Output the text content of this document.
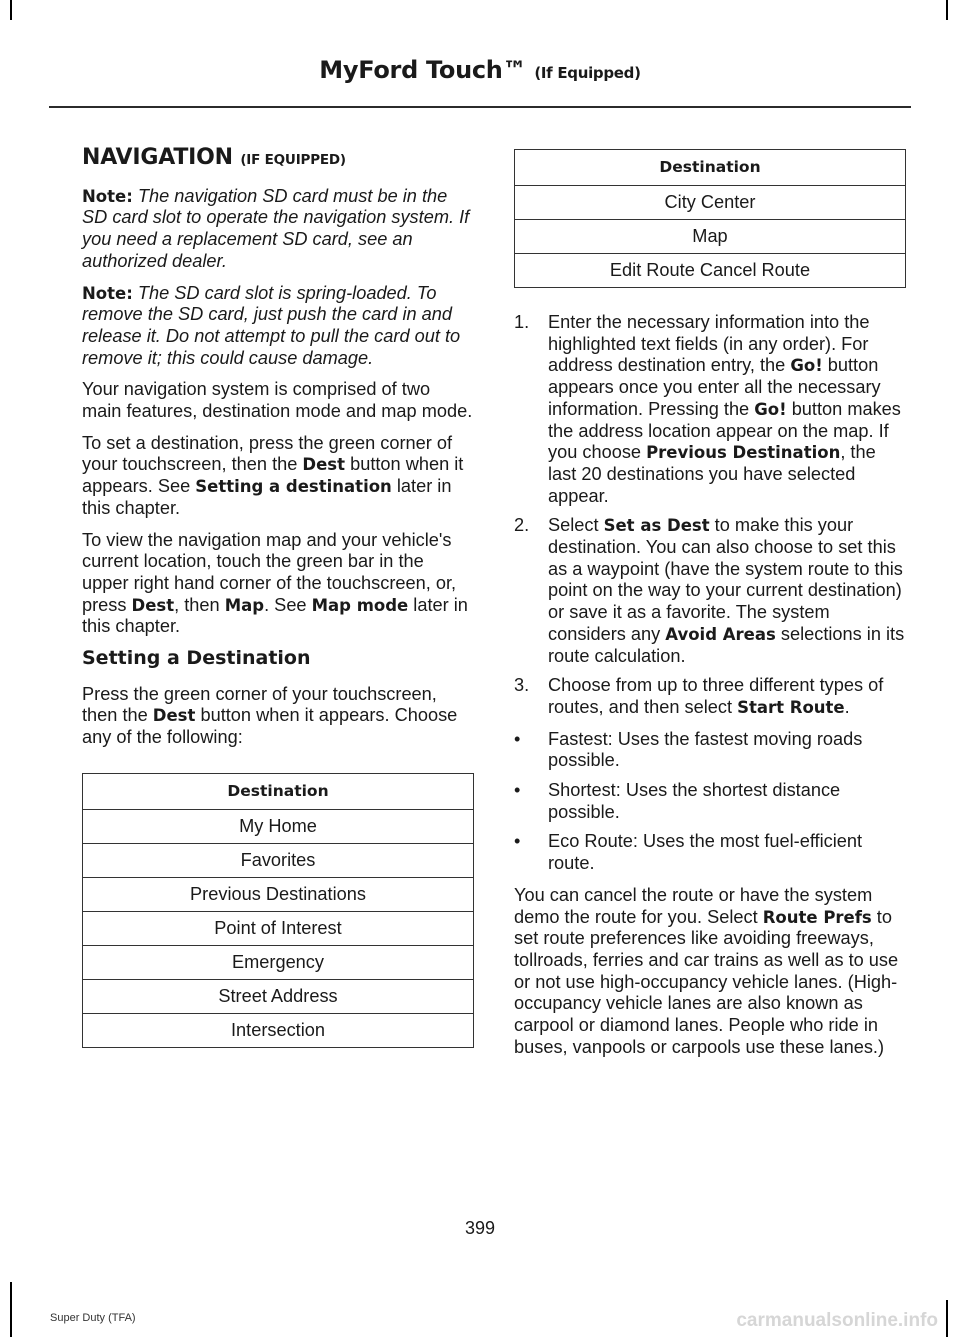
MyFord Touch™ (If Equipped)
NAVIGATION (IF EQUIPPED)

Note: The navigation SD card must be in the SD card slot to operate the navigation system. If you need a replacement SD card, see an authorized dealer.

Note: The SD card slot is spring-loaded. To remove the SD card, just push the card in and release it. Do not attempt to pull the card out to remove it; this could cause damage.

Your navigation system is comprised of two main features, destination mode and map mode.

To set a destination, press the green corner of your touchscreen, then the Dest button when it appears. See Setting a destination later in this chapter.

To view the navigation map and your vehicle's current location, touch the green bar in the upper right hand corner of the touchscreen, or, press Dest, then Map. See Map mode later in this chapter.

Setting a Destination

Press the green corner of your touchscreen, then the Dest button when it appears. Choose any of the following:

Destination
My Home
Favorites
Previous Destinations
Point of Interest
Emergency
Street Address
Intersection
Destination
City Center
Map
Edit Route Cancel Route
1. Enter the necessary information into the highlighted text fields (in any order). For address destination entry, the Go! button appears once you enter all the necessary information. Pressing the Go! button makes the address location appear on the map. If you choose Previous Destination, the last 20 destinations you have selected appear.
2. Select Set as Dest to make this your destination. You can also choose to set this as a waypoint (have the system route to this point on the way to your current destination) or save it as a favorite. The system considers any Avoid Areas selections in its route calculation.
3. Choose from up to three different types of routes, and then select Start Route.
• Fastest: Uses the fastest moving roads possible.
• Shortest: Uses the shortest distance possible.
• Eco Route: Uses the most fuel-efficient route.

You can cancel the route or have the system demo the route for you. Select Route Prefs to set route preferences like avoiding freeways, tollroads, ferries and car trains as well as to use or not use high-occupancy vehicle lanes. (High-occupancy vehicle lanes are also known as carpool or diamond lanes. People who ride in buses, vanpools or carpools use these lanes.)

399
Super Duty (TFA)	carmanualsonline.info
